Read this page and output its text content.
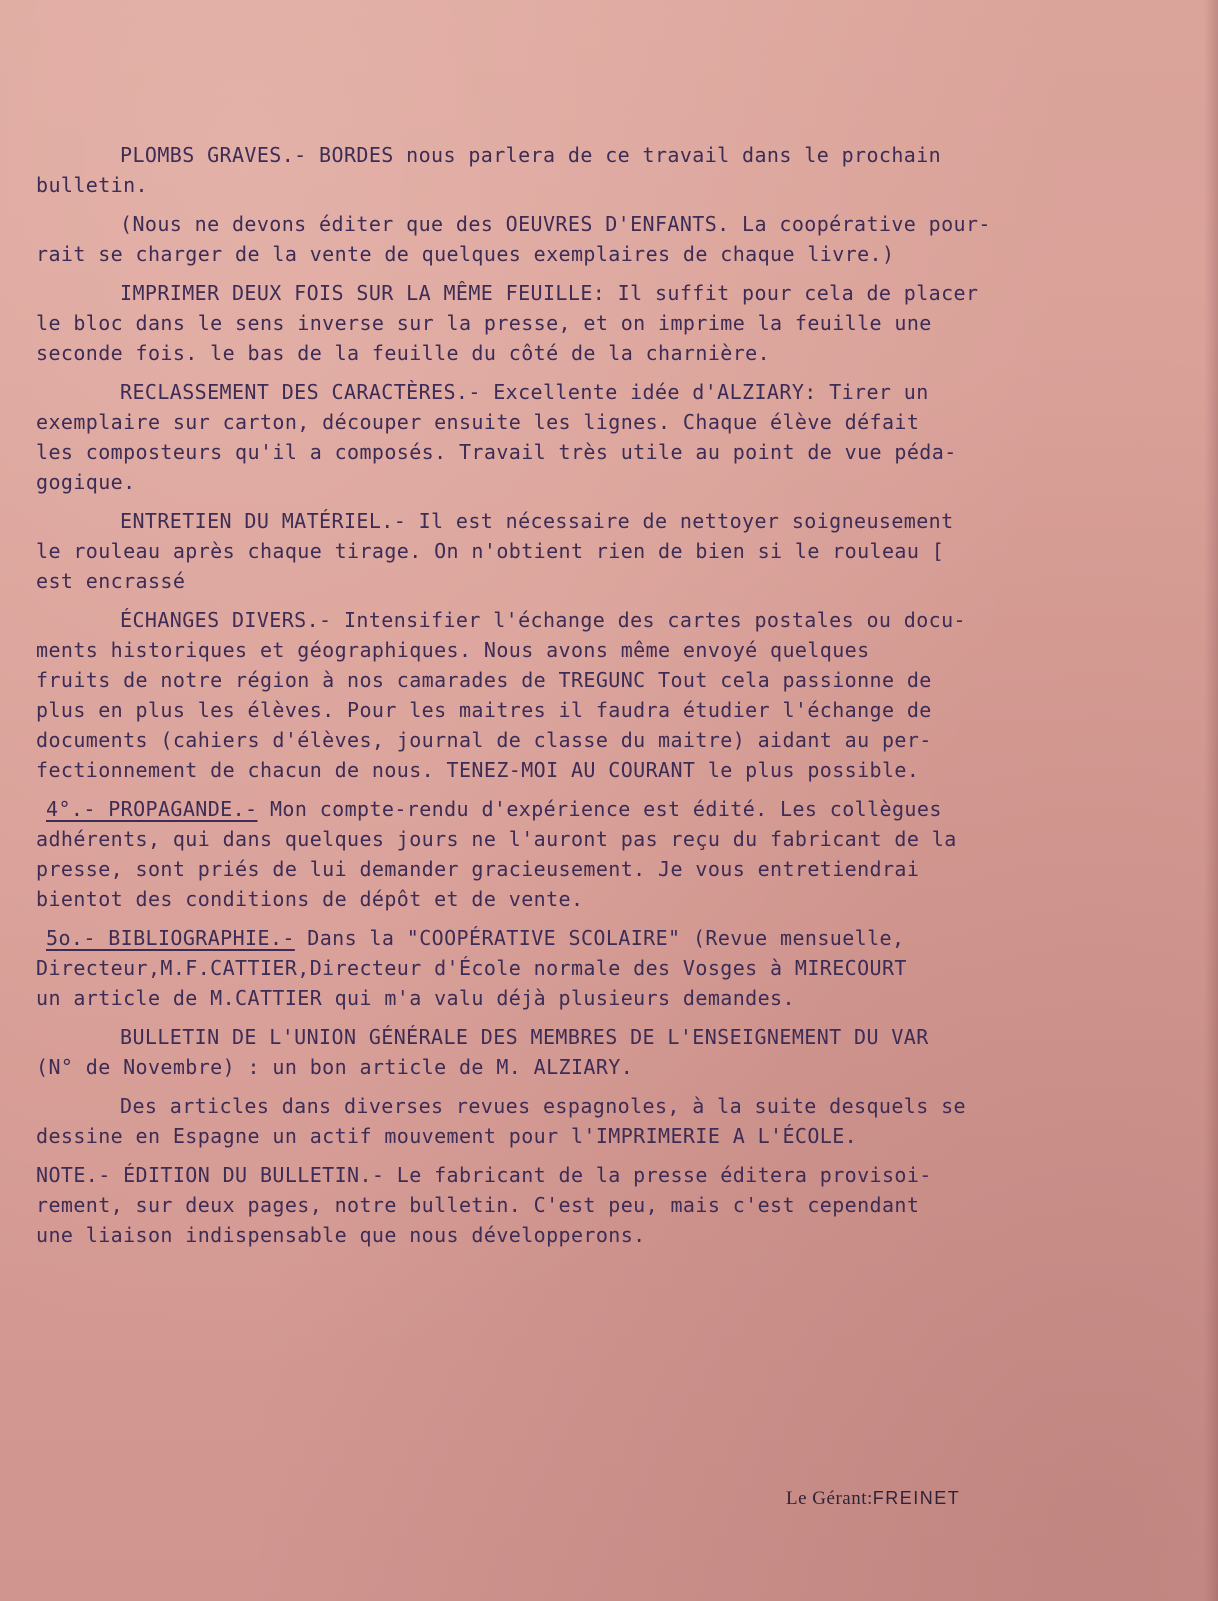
PLOMBS GRAVES.- BORDES nous parlera de ce travail dans le prochain
bulletin.

(Nous ne devons éditer que des OEUVRES D'ENFANTS. La coopérative pour-
rait se charger de la vente de quelques exemplaires de chaque livre.)

IMPRIMER DEUX FOIS SUR LA MÊME FEUILLE: Il suffit pour cela de placer
le bloc dans le sens inverse sur la presse, et on imprime la feuille une
seconde fois. le bas de la feuille du côté de la charnière.

RECLASSEMENT DES CARACTÈRES.- Excellente idée d'ALZIARY: Tirer un
exemplaire sur carton, découper ensuite les lignes. Chaque élève défait
les composteurs qu'il a composés. Travail très utile au point de vue péda-
gogique.

ENTRETIEN DU MATÉRIEL.- Il est nécessaire de nettoyer soigneusement
le rouleau après chaque tirage. On n'obtient rien de bien si le rouleau [
est encrassé

ÉCHANGES DIVERS.- Intensifier l'échange des cartes postales ou docu-
ments historiques et géographiques. Nous avons même envoyé quelques
fruits de notre région à nos camarades de TREGUNC Tout cela passionne de
plus en plus les élèves. Pour les maitres il faudra étudier l'échange de
documents (cahiers d'élèves, journal de classe du maitre) aidant au per-
fectionnement de chacun de nous. TENEZ-MOI AU COURANT le plus possible.

4°.- PROPAGANDE.- Mon compte-rendu d'expérience est édité. Les collègues
adhérents, qui dans quelques jours ne l'auront pas reçu du fabricant de la
presse, sont priés de lui demander gracieusement. Je vous entretiendrai
bientot des conditions de dépôt et de vente.

5o.- BIBLIOGRAPHIE.- Dans la "COOPÉRATIVE SCOLAIRE" (Revue mensuelle,
Directeur,M.F.CATTIER,Directeur d'École normale des Vosges à MIRECOURT
un article de M.CATTIER qui m'a valu déjà plusieurs demandes.

BULLETIN DE L'UNION GÉNÉRALE DES MEMBRES DE L'ENSEIGNEMENT DU VAR
(N° de Novembre) : un bon article de M. ALZIARY.

Des articles dans diverses revues espagnoles, à la suite desquels se
dessine en Espagne un actif mouvement pour l'IMPRIMERIE A L'ÉCOLE.

NOTE.- ÉDITION DU BULLETIN.- Le fabricant de la presse éditera provisoi-
rement, sur deux pages, notre bulletin. C'est peu, mais c'est cependant
une liaison indispensable que nous développerons.

Le Gérant:FREINET
